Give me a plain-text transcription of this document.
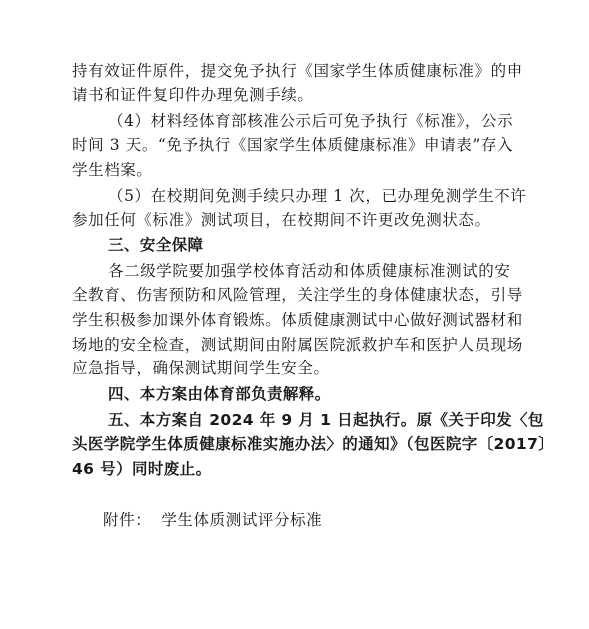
持有效证件原件，提交免予执行《国家学生体质健康标准》的申
请书和证件复印件办理免测手续。
（4）材料经体育部核准公示后可免予执行《标准》，公示
时间 3 天。“免予执行《国家学生体质健康标准》申请表”存入
学生档案。
（5）在校期间免测手续只办理 1 次，已办理免测学生不许
参加任何《标准》测试项目，在校期间不许更改免测状态。
三、安全保障
各二级学院要加强学校体育活动和体质健康标准测试的安
全教育、伤害预防和风险管理，关注学生的身体健康状态，引导
学生积极参加课外体育锻炼。体质健康测试中心做好测试器材和
场地的安全检查，测试期间由附属医院派救护车和医护人员现场
应急指导，确保测试期间学生安全。
四、本方案由体育部负责解释。
五、本方案自 2024 年 9 月 1 日起执行。原《关于印发〈包
头医学院学生体质健康标准实施办法〉的通知》（包医院字〔2017〕
46 号）同时废止。
附件： 学生体质测试评分标准
